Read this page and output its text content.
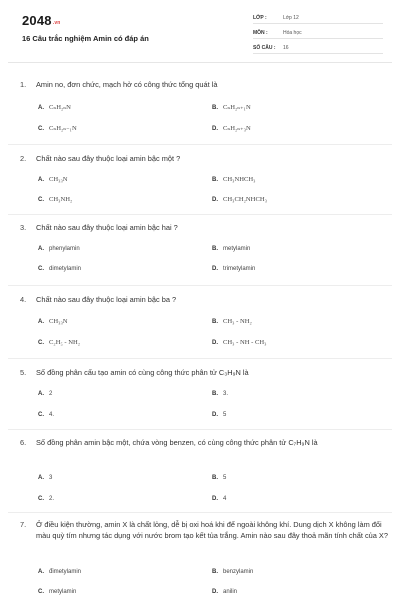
2048.vn
16 Câu trắc nghiệm Amin có đáp án
LỚP :	Lớp 12
MÔN :	Hóa học
SỐ CÂU : 16
1. Amin no, đơn chức, mạch hở có công thức tổng quát là
A. CₙH₂ₙN	B. CₙH₂ₙ₊₁N
C. CₙH₂ₙ₋₁N	D. CₙH₂ₙ₊₃N
2. Chất nào sau đây thuộc loại amin bậc một ?
A. CH₃₃N	B. CH₃NHCH₃
C. CH₃NH₂	D. CH₃CH₂NHCH₃
3. Chất nào sau đây thuộc loại amin bậc hai ?
A. phenylamin	B. metylamin
C. dimetylamin	D. trimetylamin
4. Chất nào sau đây thuộc loại amin bậc ba ?
A. CH₃₃N	B. CH₃ - NH₂
C. C₂H₅ - NH₂	D. CH₃ - NH - CH₃
5. Số đồng phân cấu tạo amin có cùng công thức phân tử C₃H₉N là
A. 2	B. 3.
C. 4.	D. 5
6. Số đồng phân amin bậc một, chứa vòng benzen, có cùng công thức phân tử C₇H₉N là
A. 3	B. 5
C. 2.	D. 4
7. Ở điều kiện thường, amin X là chất lỏng, dễ bị oxi hoá khi để ngoài không khí. Dung dịch X không làm đổi màu quỳ tím nhưng tác dụng với nước brom tạo kết tủa trắng. Amin nào sau đây thoả mãn tính chất của X?
A. đimetylamin	B. benzylamin
C. metylamin	D. anilin
